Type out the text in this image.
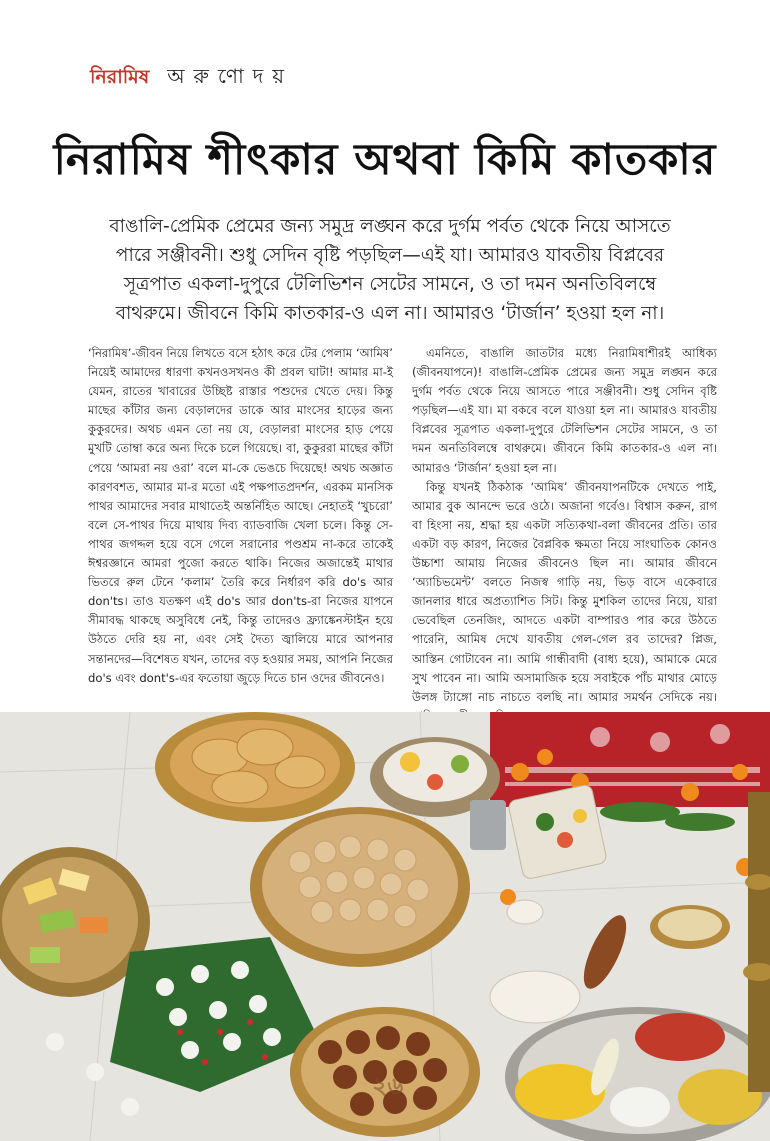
নিরামিষ অরুণোদয়
নিরামিষ শীৎকার অথবা কিমি কাতকার

বাঙালি-প্রেমিক প্রেমের জন্য সমুদ্র লঙ্ঘন করে দুর্গম পর্বত থেকে নিয়ে আসতে পারে সঞ্জীবনী। শুধু সেদিন বৃষ্টি পড়ছিল—এই যা। আমারও যাবতীয় বিপ্লবের সূত্রপাত একলা-দুপুরে টেলিভিশন সেটের সামনে, ও তা দমন অনতিবিলম্বে বাথরুমে। জীবনে কিমি কাতকার-ও এল না। আমারও ‘টার্জান’ হওয়া হল না।

‘নিরামিষ’-জীবন নিয়ে লিখতে বসে হঠাৎ করে টের পেলাম ‘আমিষ’ নিয়েই আমাদের ধারণা কখনওসখনও কী প্রবল ঘাটা! আমার মা-ই যেমন, রাতের খাবারের উচ্ছিষ্ট রাস্তার পশুদের খেতে দেয়। কিন্তু মাছের কাঁটার জন্য বেড়ালদের ডাকে আর মাংসের হাড়ের জন্য কুকুরদের। অথচ এমন তো নয় যে, বেড়ালরা মাংসের হাড় পেয়ে মুখটি তোম্বা করে অন্য দিকে চলে গিয়েছে। বা, কুকুররা মাছের কাঁটা পেয়ে ‘আমরা নয় ওরা’ বলে মা-কে ভেঙচে দিয়েছে! অথচ অজ্ঞাত কারণবশত, আমার মা-র মতো এই পক্ষপাতপ্রদর্শন, এরকম মানসিক পাথর আমাদের সবার মাথাতেই অন্তর্নিহিত আছে। নেহাতই ‘খুচরো’ বলে সে-পাথর দিয়ে মাথায় দিব্য ব্যাডবাজি খেলা চলে। কিন্তু সে-পাথর জগদ্দল হয়ে বসে গেলে সরানোর পণ্ডশ্রম না-করে তাকেই ঈশ্বরজ্ঞানে আমরা পুজো করতে থাকি। নিজের অজান্তেই মাথার ভিতরে রুল টেনে ‘কলাম’ তৈরি করে নির্ধারণ করি do's আর don'ts। তাও যতক্ষণ এই do's আর don'ts-রা নিজের যাপনে সীমাবদ্ধ থাকছে অসুবিধে নেই, কিন্তু তাদেরও ফ্র্যাঙ্কেনস্টাইন হয়ে উঠতে দেরি হয় না, এবং সেই দৈত্য জ্বালিয়ে মারে আপনার সন্তানদের—বিশেষত যখন, তাদের বড় হওয়ার সময়, আপনি নিজের do's এবং dont's-এর ফতোয়া জুড়ে দিতে চান ওদের জীবনেও।

এমনিতে, বাঙালি জাতটার মধ্যে নিরামিষাশীরই আধিক্য (জীবনযাপনে)! বাঙালি-প্রেমিক প্রেমের জন্য সমুদ্র লঙ্ঘন করে দুর্গম পর্বত থেকে নিয়ে আসতে পারে সঞ্জীবনী। শুধু সেদিন বৃষ্টি পড়ছিল—এই যা। মা বকবে বলে যাওয়া হল না। আমারও যাবতীয় বিপ্লবের সূত্রপাত একলা-দুপুরে টেলিভিশন সেটের সামনে, ও তা দমন অনতিবিলম্বে বাথরুমে। জীবনে কিমি কাতকার-ও এল না। আমারও ‘টার্জান’ হওয়া হল না।

কিন্তু যখনই ঠিকঠাক ‘আমিষ’ জীবনযাপনটিকে দেখতে পাই, আমার বুক আনন্দে ভরে ওঠে। অজানা গর্বেও। বিশ্বাস করুন, রাগ বা হিংসা নয়, শ্রদ্ধা হয় একটা সত্যিকথা-বলা জীবনের প্রতি। তার একটা বড় কারণ, নিজের বৈপ্লবিক ক্ষমতা নিয়ে সাংঘাতিক কোনও উচ্চাশা আমায় নিজের জীবনেও ছিল না। আমার জীবনে ‘অ্যাচিভমেন্ট’ বলতে নিজস্ব গাড়ি নয়, ভিড় বাসে একেবারে জানলার ধারে অপ্রত্যাশিত সিট। কিন্তু মুশকিল তাদের নিয়ে, যারা ভেবেছিল তেনজিং, আদতে একটা বাম্পারও পার করে উঠতে পারেনি, আমিষ দেখে যাবতীয় গেল-গেল রব তাদের? প্লিজ, আস্তিন গোটাবেন না। আমি গান্ধীবাদী (বাধ্য হয়ে), আমাকে মেরে সুখ পাবেন না। আমি অসামাজিক হয়ে সবাইকে পাঁচ মাথার মোড়ে উলঙ্গ ট্যাঙ্গো নাচ নাচতে বলছি না। আমার সমর্থন সেদিকে নয়।

২৬
